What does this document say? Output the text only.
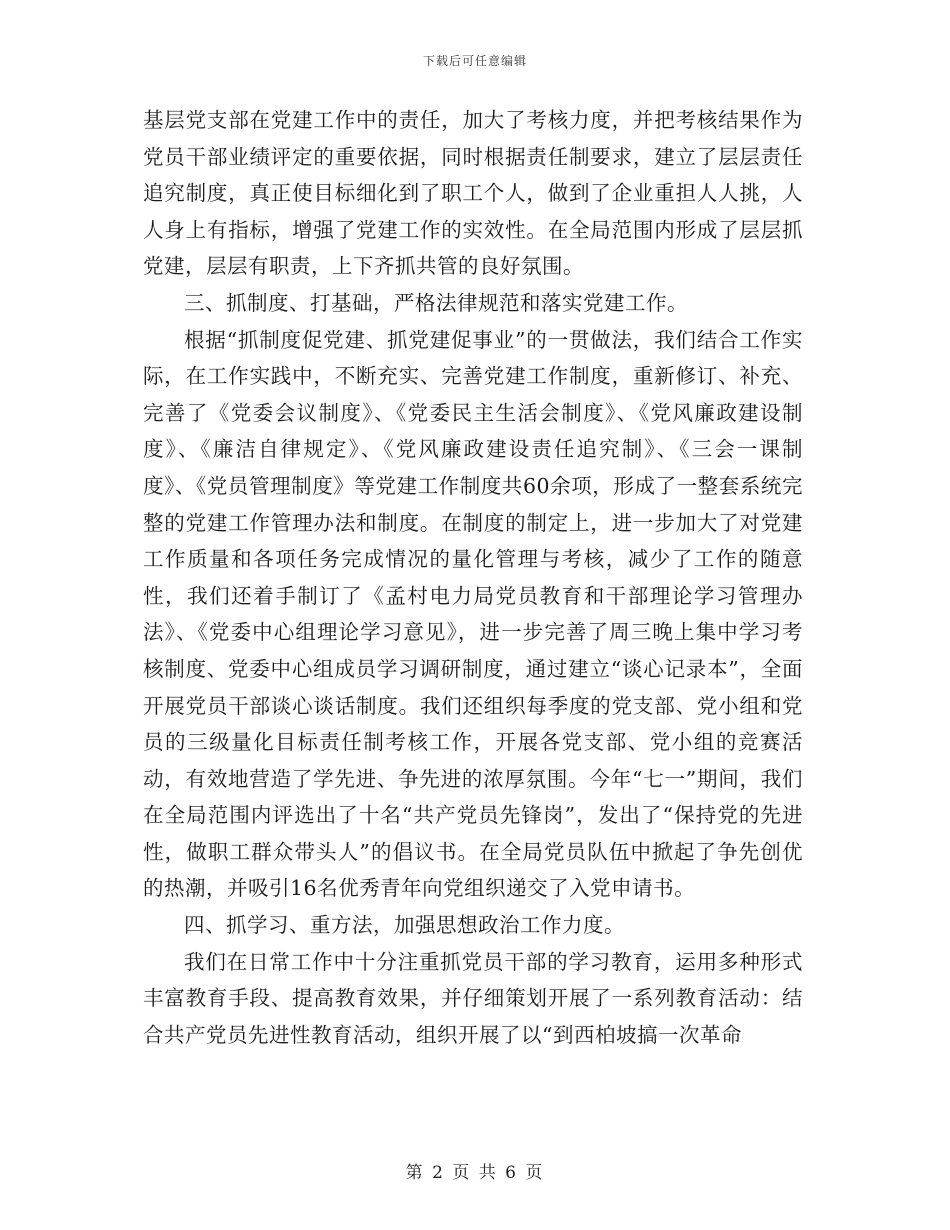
下载后可任意编辑

基层党支部在党建工作中的责任，加大了考核力度，并把考核结果作为党员干部业绩评定的重要依据，同时根据责任制要求，建立了层层责任追究制度，真正使目标细化到了职工个人，做到了企业重担人人挑，人人身上有指标，增强了党建工作的实效性。在全局范围内形成了层层抓党建，层层有职责，上下齐抓共管的良好氛围。

三、抓制度、打基础，严格法律规范和落实党建工作。

根据“抓制度促党建、抓党建促事业”的一贯做法，我们结合工作实际，在工作实践中，不断充实、完善党建工作制度，重新修订、补充、完善了《党委会议制度》、《党委民主生活会制度》、《党风廉政建设制度》、《廉洁自律规定》、《党风廉政建设责任追究制》、《三会一课制度》、《党员管理制度》等党建工作制度共60余项，形成了一整套系统完整的党建工作管理办法和制度。在制度的制定上，进一步加大了对党建工作质量和各项任务完成情况的量化管理与考核，减少了工作的随意性，我们还着手制订了《孟村电力局党员教育和干部理论学习管理办法》、《党委中心组理论学习意见》，进一步完善了周三晚上集中学习考核制度、党委中心组成员学习调研制度，通过建立“谈心记录本”，全面开展党员干部谈心谈话制度。我们还组织每季度的党支部、党小组和党员的三级量化目标责任制考核工作，开展各党支部、党小组的竞赛活动，有效地营造了学先进、争先进的浓厚氛围。今年“七一”期间，我们在全局范围内评选出了十名“共产党员先锋岗”，发出了“保持党的先进性，做职工群众带头人”的倡议书。在全局党员队伍中掀起了争先创优的热潮，并吸引16名优秀青年向党组织递交了入党申请书。

四、抓学习、重方法，加强思想政治工作力度。

我们在日常工作中十分注重抓党员干部的学习教育，运用多种形式丰富教育手段、提高教育效果，并仔细策划开展了一系列教育活动：结合共产党员先进性教育活动，组织开展了以“到西柏坡搞一次革命

第 2 页 共 6 页
